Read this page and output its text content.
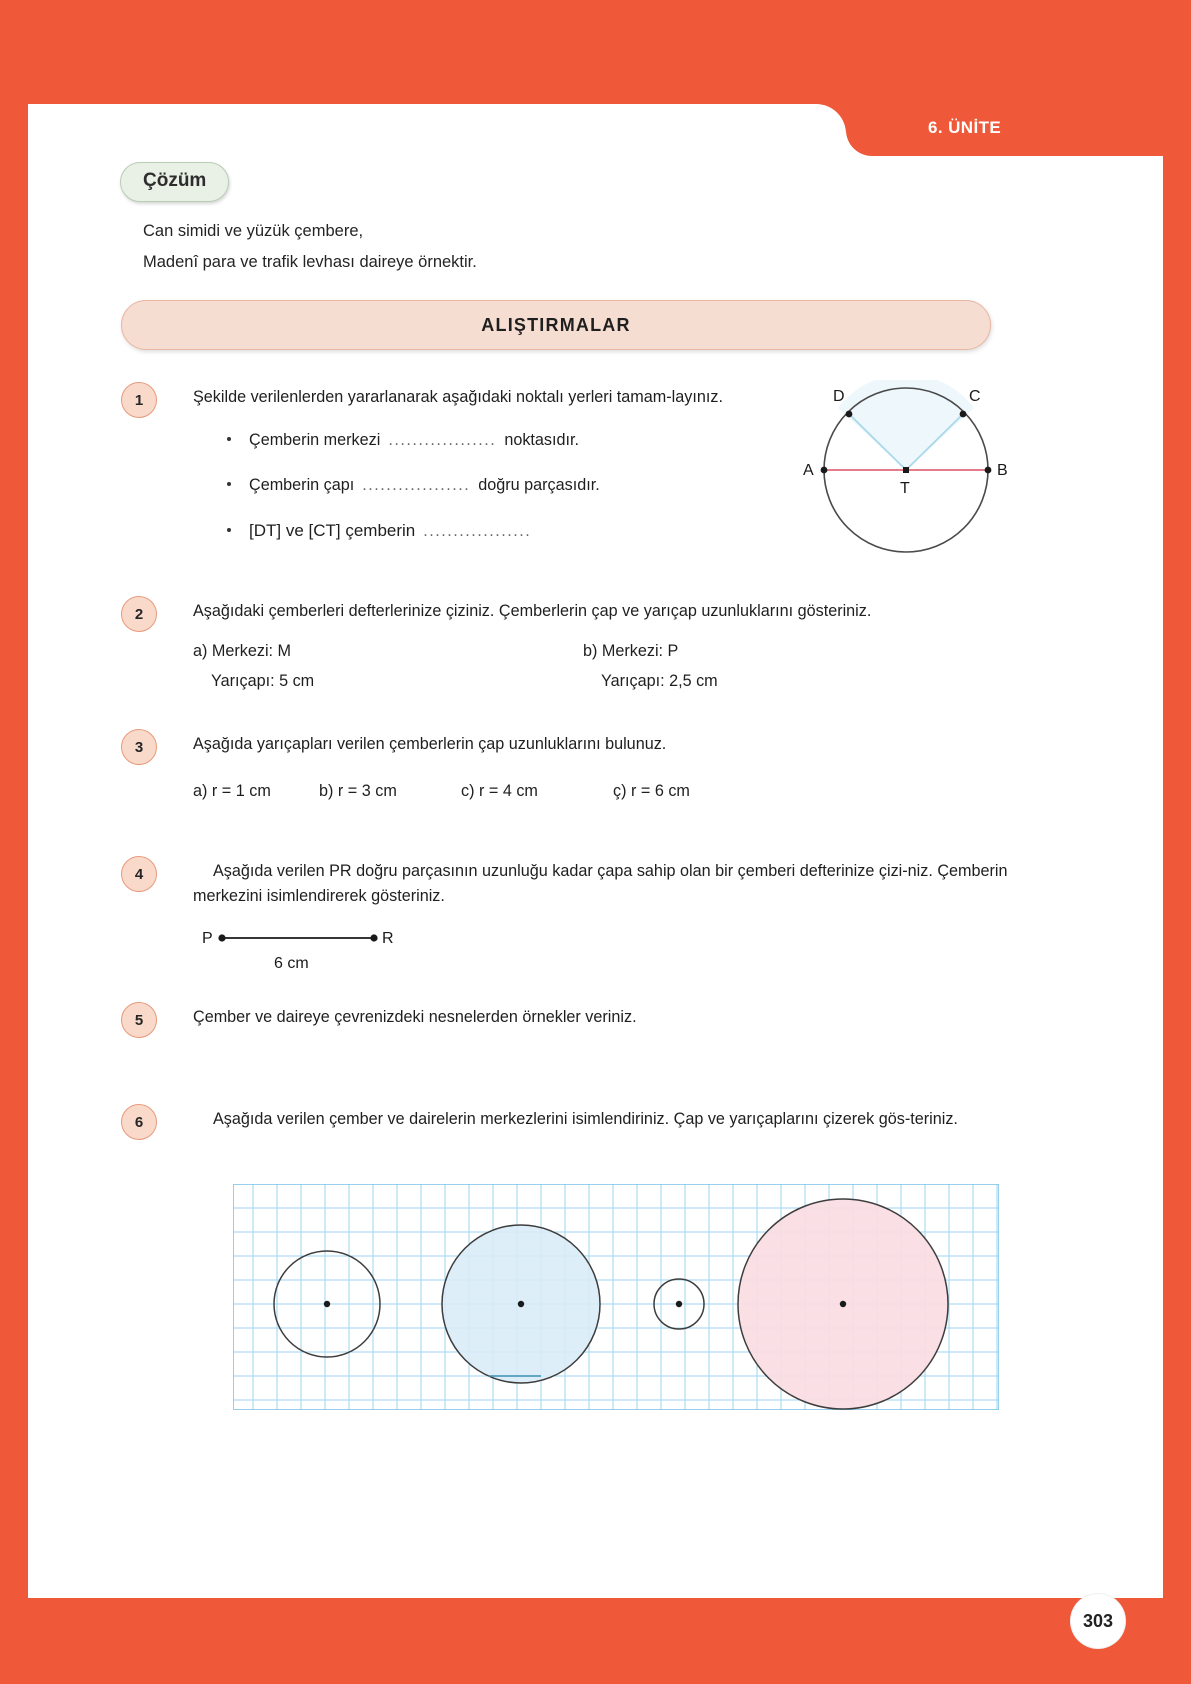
6. ÜNİTE
Çözüm
Can simidi ve yüzük çembere,
Madenî para ve trafik levhası daireye örnektir.
ALIŞTIRMALAR
1	Şekilde verilenlerden yararlanarak aşağıdaki noktalı yerleri tamam-layınız.
Çemberin merkezi .................. noktasıdır.
Çemberin çapı .................. doğru parçasıdır.
[DT] ve [CT] çemberin ..................
D	C
A	B
T
2	Aşağıdaki çemberleri defterlerinize çiziniz. Çemberlerin çap ve yarıçap uzunluklarını gösteriniz.
a) Merkezi: M
Yarıçapı: 5 cm
b) Merkezi: P
Yarıçapı: 2,5 cm
3	Aşağıda yarıçapları verilen çemberlerin çap uzunluklarını bulunuz.
a) r = 1 cm	b) r = 3 cm	c) r = 4 cm	ç) r = 6 cm
4	Aşağıda verilen PR doğru parçasının uzunluğu kadar çapa sahip olan bir çemberi defterinize çizi-niz. Çemberin merkezini isimlendirerek gösteriniz.
P	R
6 cm
5	Çember ve daireye çevrenizdeki nesnelerden örnekler veriniz.
6	Aşağıda verilen çember ve dairelerin merkezlerini isimlendiriniz. Çap ve yarıçaplarını çizerek gös-teriniz.
303
